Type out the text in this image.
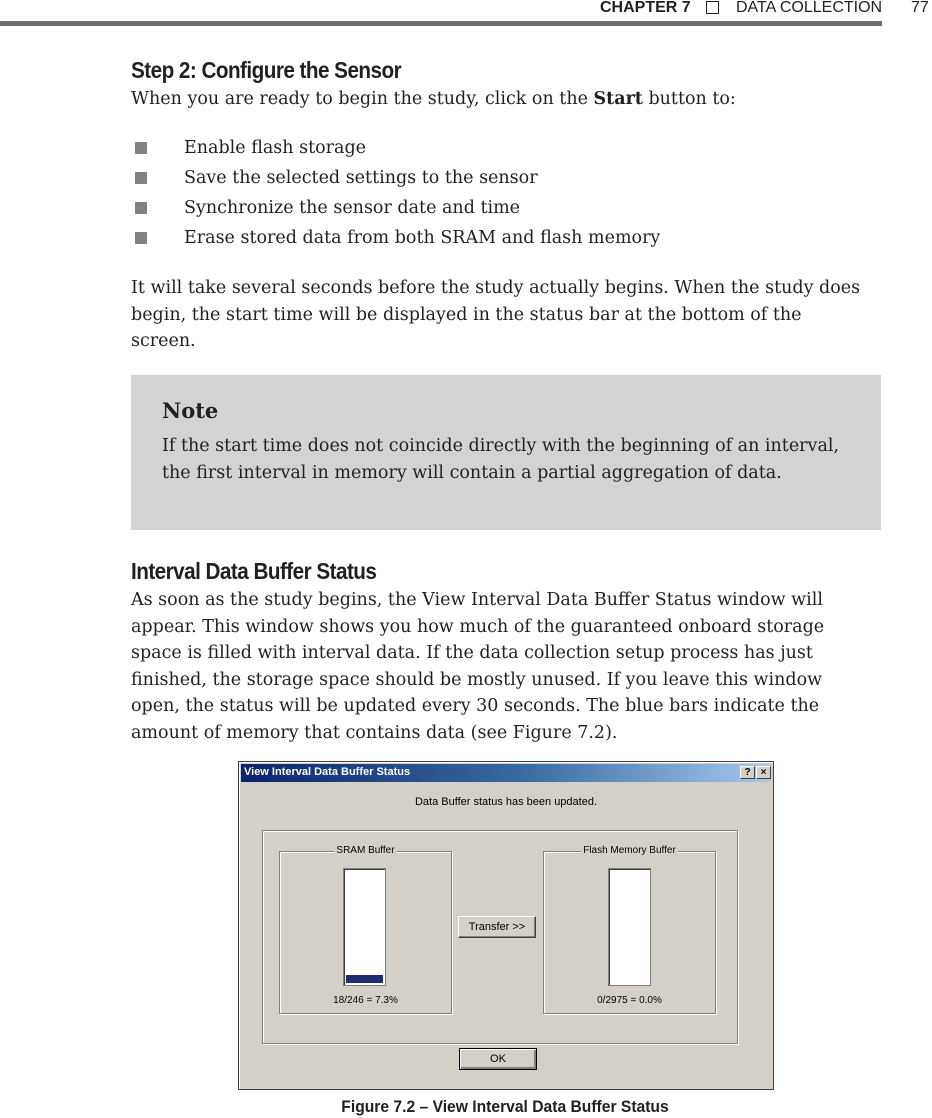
CHAPTER 7	DATA COLLECTION 77
Step 2: Configure the Sensor
When you are ready to begin the study, click on the Start button to:
Enable flash storage
Save the selected settings to the sensor
Synchronize the sensor date and time
Erase stored data from both SRAM and flash memory
It will take several seconds before the study actually begins. When the study does begin, the start time will be displayed in the status bar at the bottom of the screen.
Note
If the start time does not coincide directly with the beginning of an interval, the first interval in memory will contain a partial aggregation of data.
Interval Data Buffer Status
As soon as the study begins, the View Interval Data Buffer Status window will appear. This window shows you how much of the guaranteed onboard storage space is filled with interval data. If the data collection setup process has just finished, the storage space should be mostly unused. If you leave this window open, the status will be updated every 30 seconds. The blue bars indicate the amount of memory that contains data (see Figure 7.2).
View Interval Data Buffer Status	?	×
Data Buffer status has been updated.
SRAM Buffer
18/246 = 7.3%
Transfer >>
Flash Memory Buffer
0/2975 = 0.0%
OK
Figure 7.2 – View Interval Data Buffer Status
